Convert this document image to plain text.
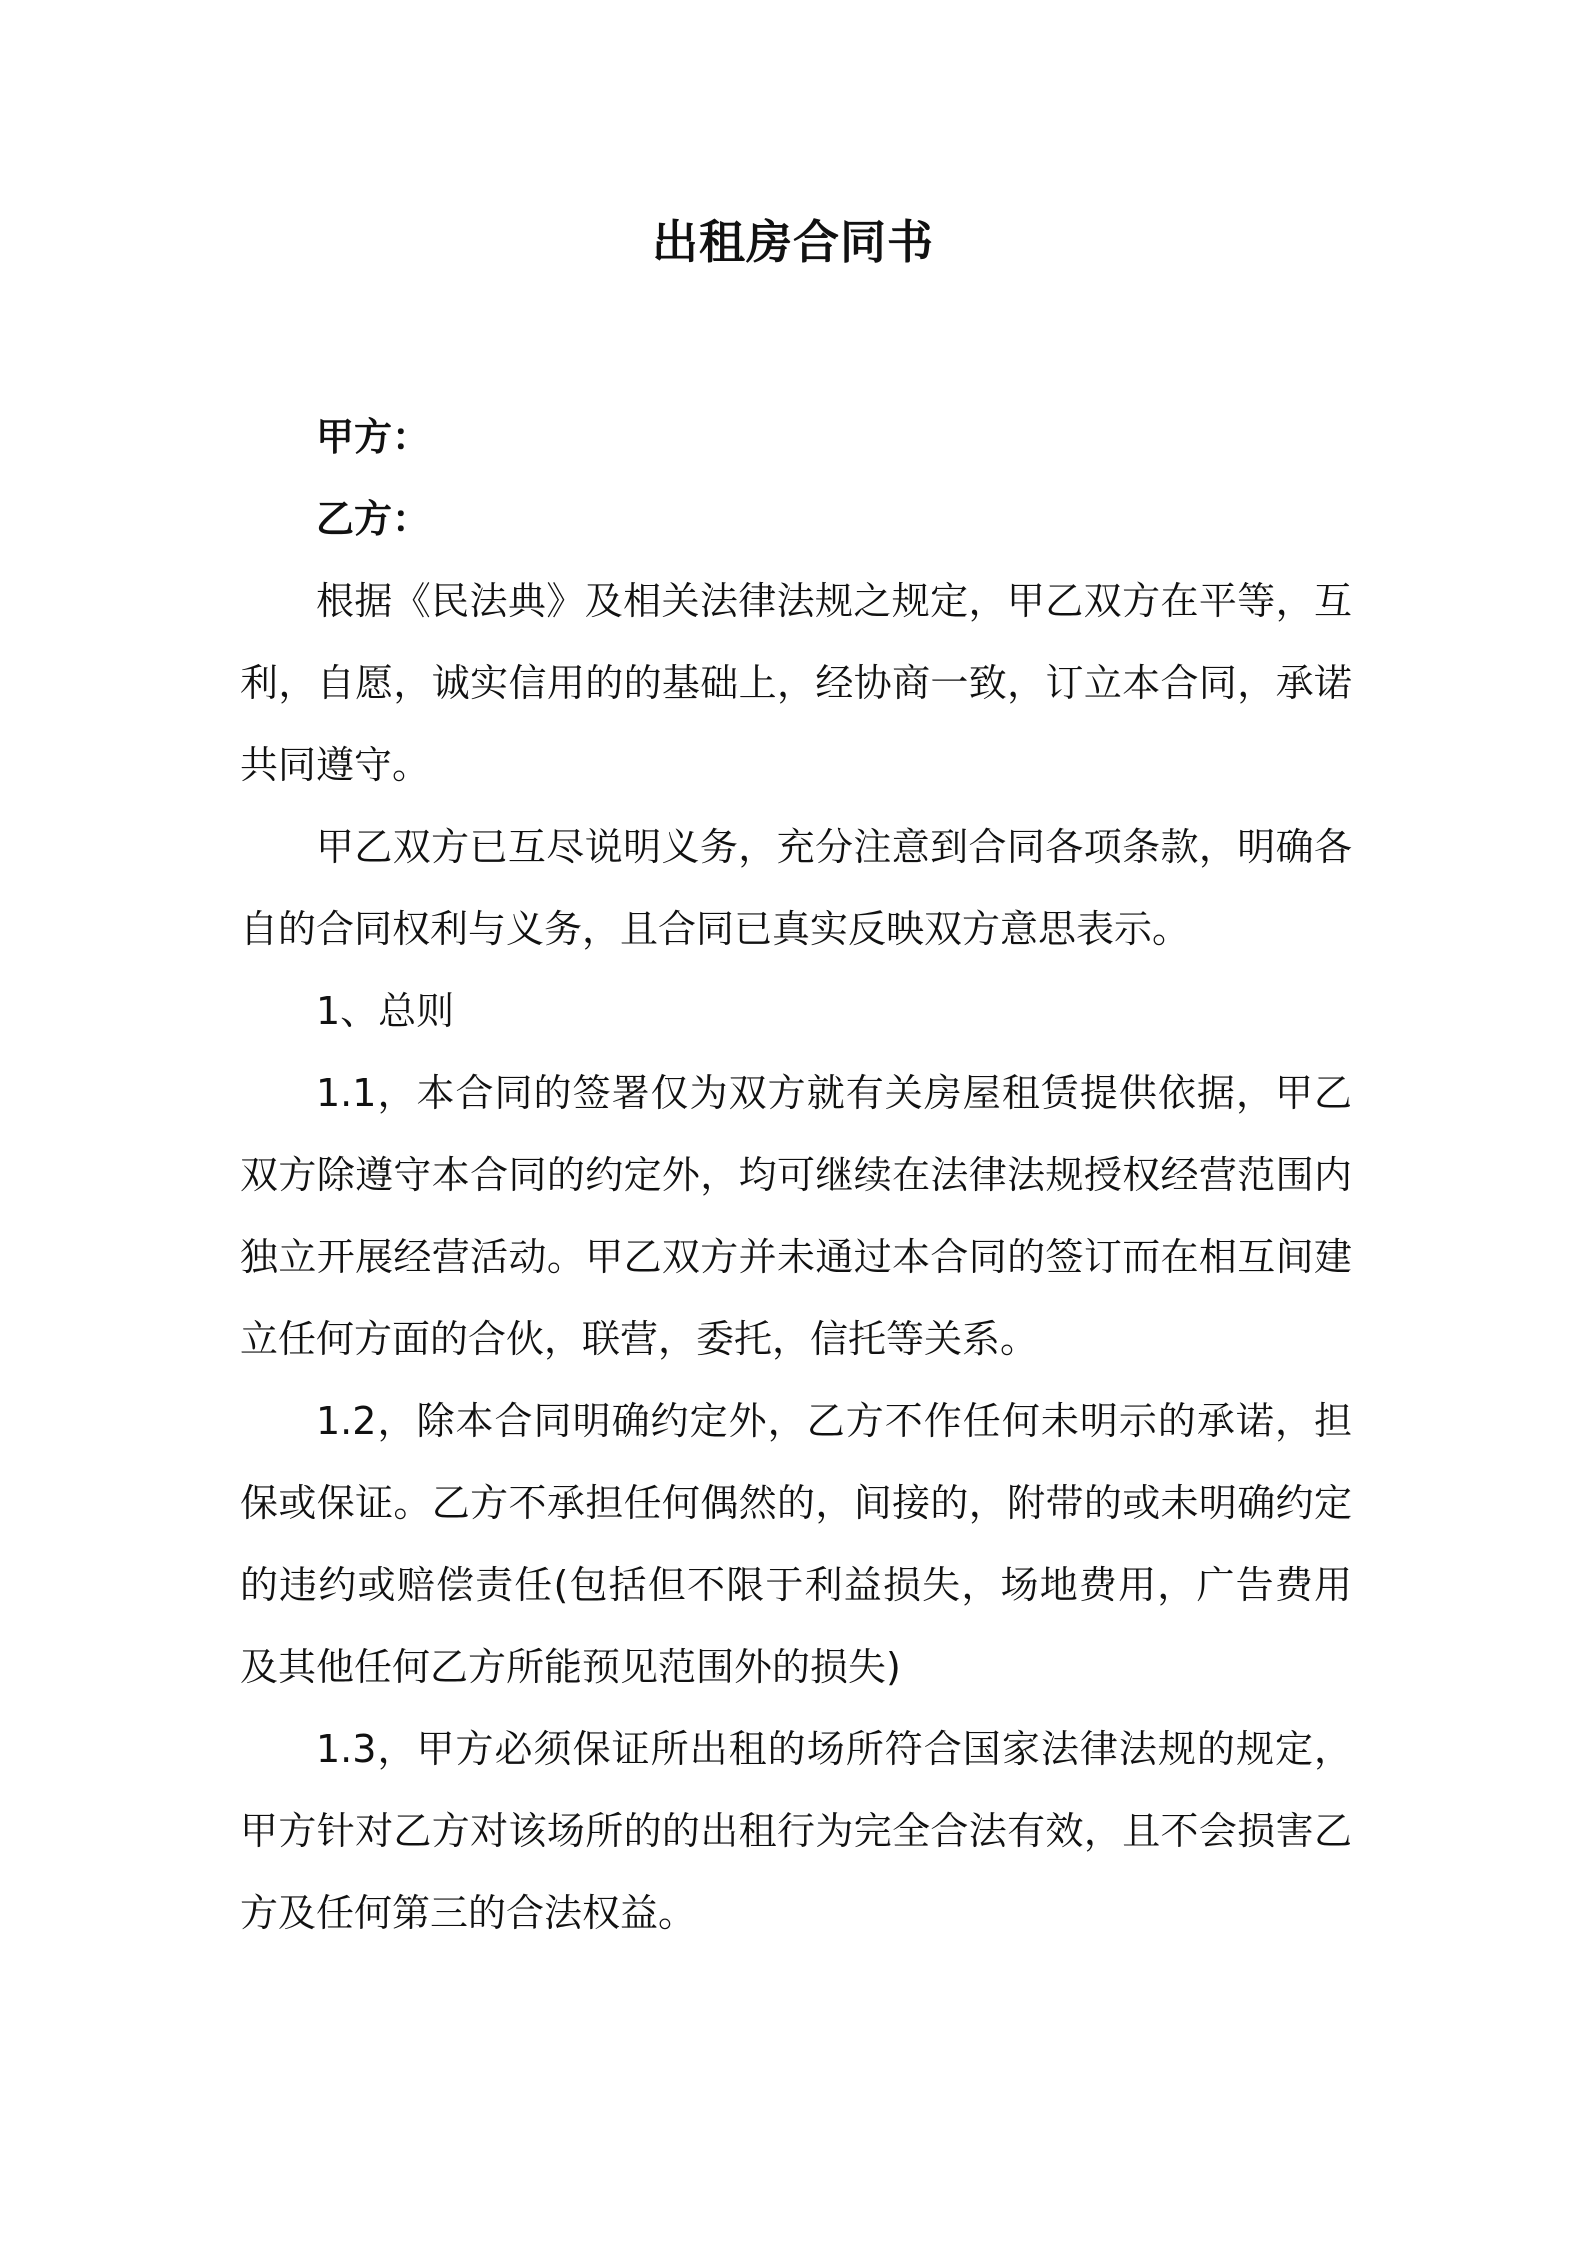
出租房合同书

甲方：

乙方：

根据《民法典》及相关法律法规之规定，甲乙双方在平等，互利，自愿，诚实信用的的基础上，经协商一致，订立本合同，承诺共同遵守。

甲乙双方已互尽说明义务，充分注意到合同各项条款，明确各自的合同权利与义务，且合同已真实反映双方意思表示。

1、总则

1.1，本合同的签署仅为双方就有关房屋租赁提供依据，甲乙双方除遵守本合同的约定外，均可继续在法律法规授权经营范围内独立开展经营活动。甲乙双方并未通过本合同的签订而在相互间建立任何方面的合伙，联营，委托，信托等关系。

1.2，除本合同明确约定外，乙方不作任何未明示的承诺，担保或保证。乙方不承担任何偶然的，间接的，附带的或未明确约定的违约或赔偿责任(包括但不限于利益损失，场地费用，广告费用及其他任何乙方所能预见范围外的损失)

1.3，甲方必须保证所出租的场所符合国家法律法规的规定，甲方针对乙方对该场所的的出租行为完全合法有效，且不会损害乙方及任何第三的合法权益。
